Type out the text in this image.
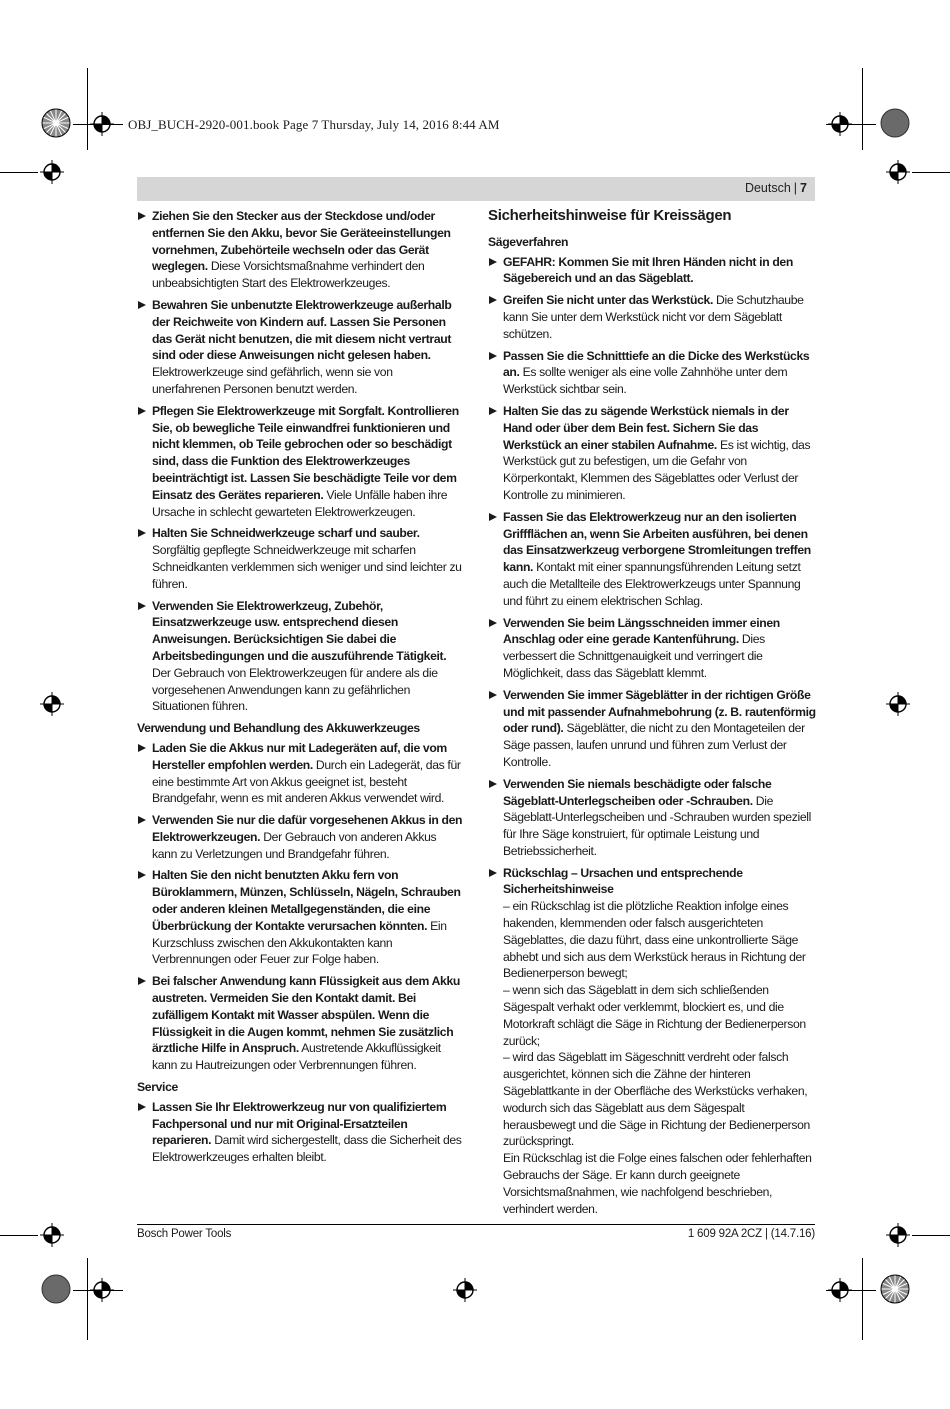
OBJ_BUCH-2920-001.book Page 7 Thursday, July 14, 2016 8:44 AM
Deutsch | 7
Ziehen Sie den Stecker aus der Steckdose und/oder entfernen Sie den Akku, bevor Sie Geräteeinstellungen vornehmen, Zubehörteile wechseln oder das Gerät weglegen. Diese Vorsichtsmaßnahme verhindert den unbeabsichtigten Start des Elektrowerkzeuges.
Bewahren Sie unbenutzte Elektrowerkzeuge außerhalb der Reichweite von Kindern auf. Lassen Sie Personen das Gerät nicht benutzen, die mit diesem nicht vertraut sind oder diese Anweisungen nicht gelesen haben. Elektrowerkzeuge sind gefährlich, wenn sie von unerfahrenen Personen benutzt werden.
Pflegen Sie Elektrowerkzeuge mit Sorgfalt. Kontrollieren Sie, ob bewegliche Teile einwandfrei funktionieren und nicht klemmen, ob Teile gebrochen oder so beschädigt sind, dass die Funktion des Elektrowerkzeuges beeinträchtigt ist. Lassen Sie beschädigte Teile vor dem Einsatz des Gerätes reparieren. Viele Unfälle haben ihre Ursache in schlecht gewarteten Elektrowerkzeugen.
Halten Sie Schneidwerkzeuge scharf und sauber. Sorgfältig gepflegte Schneidwerkzeuge mit scharfen Schneidkanten verklemmen sich weniger und sind leichter zu führen.
Verwenden Sie Elektrowerkzeug, Zubehör, Einsatzwerkzeuge usw. entsprechend diesen Anweisungen. Berücksichtigen Sie dabei die Arbeitsbedingungen und die auszuführende Tätigkeit. Der Gebrauch von Elektrowerkzeugen für andere als die vorgesehenen Anwendungen kann zu gefährlichen Situationen führen.
Verwendung und Behandlung des Akkuwerkzeuges
Laden Sie die Akkus nur mit Ladegeräten auf, die vom Hersteller empfohlen werden. Durch ein Ladegerät, das für eine bestimmte Art von Akkus geeignet ist, besteht Brandgefahr, wenn es mit anderen Akkus verwendet wird.
Verwenden Sie nur die dafür vorgesehenen Akkus in den Elektrowerkzeugen. Der Gebrauch von anderen Akkus kann zu Verletzungen und Brandgefahr führen.
Halten Sie den nicht benutzten Akku fern von Büroklammern, Münzen, Schlüsseln, Nägeln, Schrauben oder anderen kleinen Metallgegenständen, die eine Überbrückung der Kontakte verursachen könnten. Ein Kurzschluss zwischen den Akkukontakten kann Verbrennungen oder Feuer zur Folge haben.
Bei falscher Anwendung kann Flüssigkeit aus dem Akku austreten. Vermeiden Sie den Kontakt damit. Bei zufälligem Kontakt mit Wasser abspülen. Wenn die Flüssigkeit in die Augen kommt, nehmen Sie zusätzlich ärztliche Hilfe in Anspruch. Austretende Akkuflüssigkeit kann zu Hautreizungen oder Verbrennungen führen.
Service
Lassen Sie Ihr Elektrowerkzeug nur von qualifiziertem Fachpersonal und nur mit Original-Ersatzteilen reparieren. Damit wird sichergestellt, dass die Sicherheit des Elektrowerkzeuges erhalten bleibt.
Sicherheitshinweise für Kreissägen
Sägeverfahren
GEFAHR: Kommen Sie mit Ihren Händen nicht in den Sägebereich und an das Sägeblatt.
Greifen Sie nicht unter das Werkstück. Die Schutzhaube kann Sie unter dem Werkstück nicht vor dem Sägeblatt schützen.
Passen Sie die Schnitttiefe an die Dicke des Werkstücks an. Es sollte weniger als eine volle Zahnhöhe unter dem Werkstück sichtbar sein.
Halten Sie das zu sägende Werkstück niemals in der Hand oder über dem Bein fest. Sichern Sie das Werkstück an einer stabilen Aufnahme. Es ist wichtig, das Werkstück gut zu befestigen, um die Gefahr von Körperkontakt, Klemmen des Sägeblattes oder Verlust der Kontrolle zu minimieren.
Fassen Sie das Elektrowerkzeug nur an den isolierten Griffflächen an, wenn Sie Arbeiten ausführen, bei denen das Einsatzwerkzeug verborgene Stromleitungen treffen kann. Kontakt mit einer spannungsführenden Leitung setzt auch die Metallteile des Elektrowerkzeugs unter Spannung und führt zu einem elektrischen Schlag.
Verwenden Sie beim Längsschneiden immer einen Anschlag oder eine gerade Kantenführung. Dies verbessert die Schnittgenauigkeit und verringert die Möglichkeit, dass das Sägeblatt klemmt.
Verwenden Sie immer Sägeblätter in der richtigen Größe und mit passender Aufnahmebohrung (z. B. rautenförmig oder rund). Sägeblätter, die nicht zu den Montageteilen der Säge passen, laufen unrund und führen zum Verlust der Kontrolle.
Verwenden Sie niemals beschädigte oder falsche Sägeblatt-Unterlegscheiben oder -Schrauben. Die Sägeblatt-Unterlegscheiben und -Schrauben wurden speziell für Ihre Säge konstruiert, für optimale Leistung und Betriebssicherheit.
Rückschlag – Ursachen und entsprechende Sicherheitshinweise
– ein Rückschlag ist die plötzliche Reaktion infolge eines hakenden, klemmenden oder falsch ausgerichteten Sägeblattes, die dazu führt, dass eine unkontrollierte Säge abhebt und sich aus dem Werkstück heraus in Richtung der Bedienerperson bewegt;
– wenn sich das Sägeblatt in dem sich schließenden Sägespalt verhakt oder verklemmt, blockiert es, und die Motorkraft schlägt die Säge in Richtung der Bedienerperson zurück;
– wird das Sägeblatt im Sägeschnitt verdreht oder falsch ausgerichtet, können sich die Zähne der hinteren Sägeblattkante in der Oberfläche des Werkstücks verhaken, wodurch sich das Sägeblatt aus dem Sägespalt herausbewegt und die Säge in Richtung der Bedienerperson zurückspringt.
Ein Rückschlag ist die Folge eines falschen oder fehlerhaften Gebrauchs der Säge. Er kann durch geeignete Vorsichtsmaßnahmen, wie nachfolgend beschrieben, verhindert werden.
Bosch Power Tools	1 609 92A 2CZ | (14.7.16)
